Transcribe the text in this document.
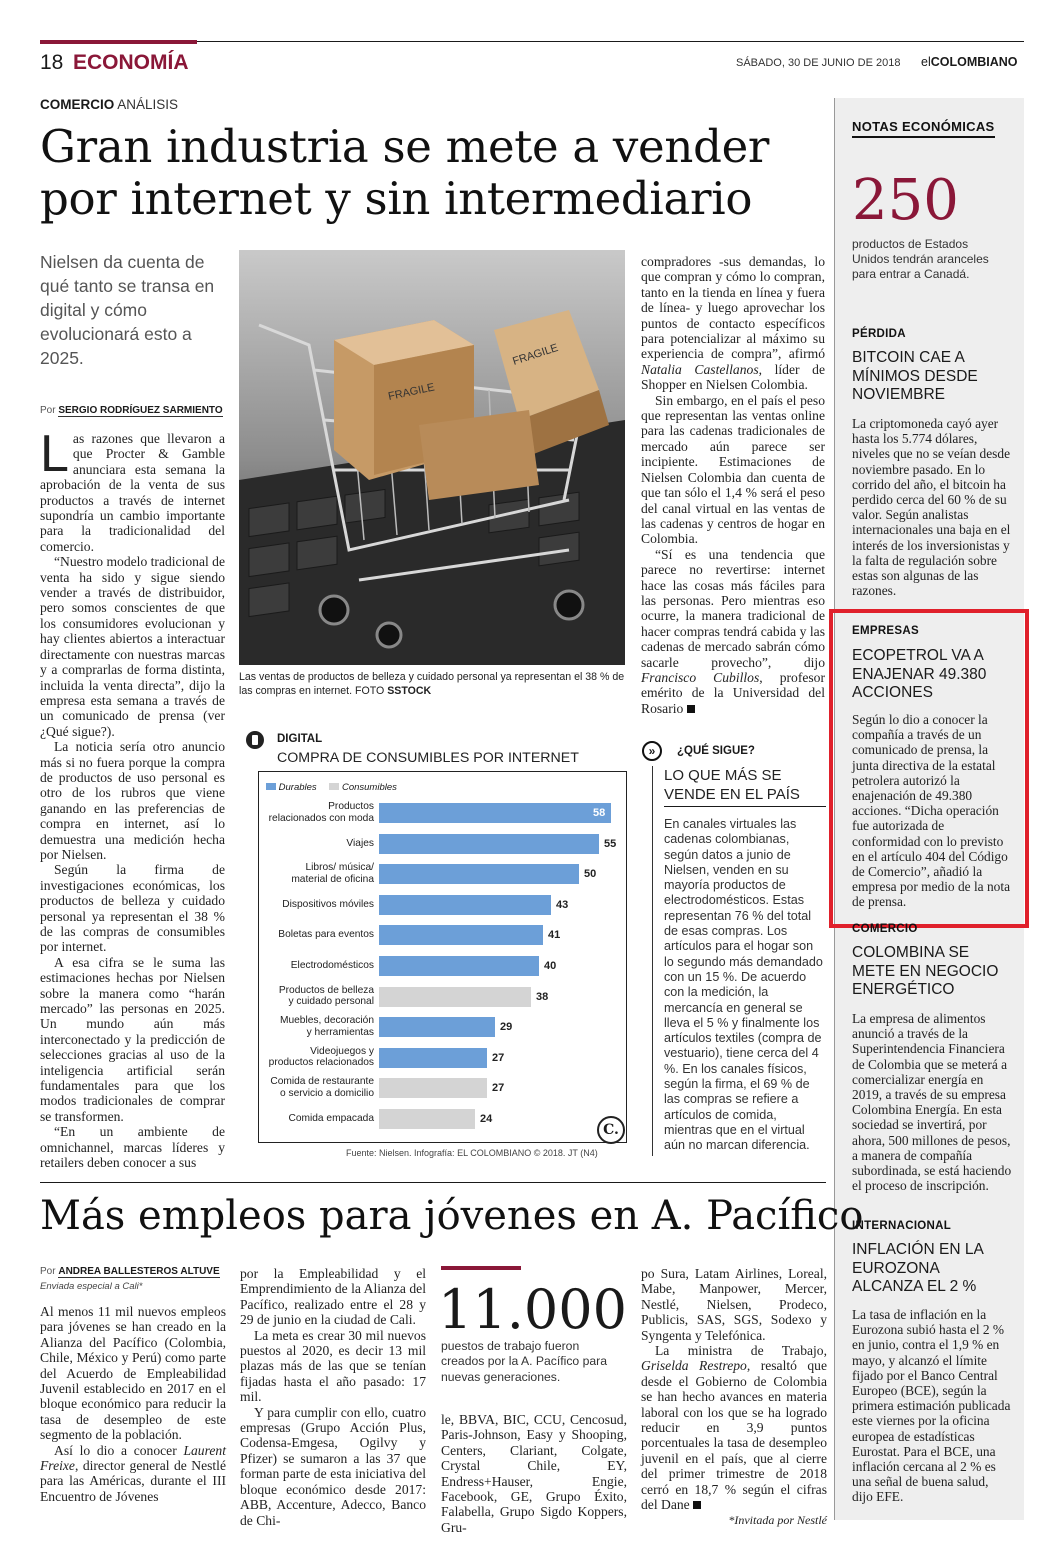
18 ECONOMÍA	SÁBADO, 30 DE JUNIO DE 2018 elCOLOMBIANO
COMERCIO ANÁLISIS
Gran industria se mete a vender
por internet y sin intermediario
Nielsen da cuenta de qué tanto se transa en digital y cómo evolucionará esto a 2025.
Por SERGIO RODRÍGUEZ SARMIENTO

Las razones que llevaron a que Procter & Gamble anunciara esta semana la aprobación de la venta de sus productos a través de internet supondría un cambio importante para la tradicionalidad del comercio.

“Nuestro modelo tradicional de venta ha sido y sigue siendo vender a través de distribuidor, pero somos conscientes de que los consumidores evolucionan y hay clientes abiertos a interactuar directamente con nuestras marcas y a comprarlas de forma distinta, incluida la venta directa”, dijo la empresa esta semana a través de un comunicado de prensa (ver ¿Qué sigue?).

La noticia sería otro anuncio más si no fuera porque la compra de productos de uso personal es otro de los rubros que viene ganando en las preferencias de compra en internet, así lo demuestra una medición hecha por Nielsen.

Según la firma de investigaciones económicas, los productos de belleza y cuidado personal ya representan el 38 % de las compras de consumibles por internet.

A esa cifra se le suma las estimaciones hechas por Nielsen sobre la manera como “harán mercado” las personas en 2025. Un mundo aún más interconectado y la predicción de selecciones gracias al uso de la inteligencia artificial serán fundamentales para que los modos tradicionales de comprar se transformen.

“En un ambiente de omnichannel, marcas líderes y retailers deben conocer a sus

FRAGILE
FRAGILE
Las ventas de productos de belleza y cuidado personal ya representan el 38 % de las compras en internet. FOTO SSTOCK

compradores -sus demandas, lo que compran y cómo lo compran, tanto en la tienda en línea y fuera de línea- y luego aprovechar los puntos de contacto específicos para potencializar al máximo su experiencia de compra”, afirmó Natalia Castellanos, líder de Shopper en Nielsen Colombia.

Sin embargo, en el país el peso que representan las ventas online para las cadenas tradicionales de mercado aún parece ser incipiente. Estimaciones de Nielsen Colombia dan cuenta de que tan sólo el 1,4 % será el peso del canal virtual en las ventas de las cadenas y centros de hogar en Colombia.

“Sí es una tendencia que parece no revertirse: internet hace las cosas más fáciles para las personas. Pero mientras eso ocurre, la manera tradicional de hacer compras tendrá cabida y las cadenas de mercado sabrán cómo sacarle provecho”, dijo Francisco Cubillos, profesor emérito de la Universidad del Rosario

DIGITAL
COMPRA DE CONSUMIBLES POR INTERNET
Durables	Consumibles
Productos
relacionados con moda	58
Viajes	55
Libros/ música/
material de oficina	50
Dispositivos móviles	43
Boletas para eventos	41
Electrodomésticos	40
Productos de belleza
y cuidado personal	38
Muebles, decoración
y herramientas	29
Videojuegos y
productos relacionados	27
Comida de restaurante
o servicio a domicilio	27
Comida empacada	24
C.
Fuente: Nielsen. Infografía: EL COLOMBIANO © 2018. JT (N4)
»	¿QUÉ SIGUE?
LO QUE MÁS SE VENDE EN EL PAÍS
En canales virtuales las cadenas colombianas, según datos a junio de Nielsen, venden en su mayoría productos de electrodomésticos. Estas representan 76 % del total de esas compras. Los artículos para el hogar son lo segundo más demandado con un 15 %. De acuerdo con la medición, la mercancía en general se lleva el 5 % y finalmente los artículos textiles (compra de vestuario), tiene cerca del 4 %. En los canales físicos, según la firma, el 69 % de las compras se refiere a artículos de comida, mientras que en el virtual aún no marcan diferencia.
NOTAS ECONÓMICAS
250
productos de Estados Unidos tendrán aranceles para entrar a Canadá.
PÉRDIDA
BITCOIN CAE A MÍNIMOS DESDE NOVIEMBRE
La criptomoneda cayó ayer hasta los 5.774 dólares, niveles que no se veían desde noviembre pasado. En lo corrido del año, el bitcoin ha perdido cerca del 60 % de su valor. Según analistas internacionales una baja en el interés de los inversionistas y la falta de regulación sobre estas son algunas de las razones.
EMPRESAS
ECOPETROL VA A ENAJENAR 49.380 ACCIONES
Según lo dio a conocer la compañía a través de un comunicado de prensa, la junta directiva de la estatal petrolera autorizó la enajenación de 49.380 acciones. “Dicha operación fue autorizada de conformidad con lo previsto en el artículo 404 del Código de Comercio”, añadió la empresa por medio de la nota de prensa.
COMERCIO
COLOMBINA SE METE EN NEGOCIO ENERGÉTICO
La empresa de alimentos anunció a través de la Superintendencia Financiera de Colombia que se meterá a comercializar energía en 2019, a través de su empresa Colombina Energía. En esta sociedad se invertirá, por ahora, 500 millones de pesos, a manera de compañía subordinada, se está haciendo el proceso de inscripción.
INTERNACIONAL
INFLACIÓN EN LA EUROZONA ALCANZA EL 2 %
La tasa de inflación en la Eurozona subió hasta el 2 % en junio, contra el 1,9 % en mayo, y alcanzó el límite fijado por el Banco Central Europeo (BCE), según la primera estimación publicada este viernes por la oficina europea de estadísticas Eurostat. Para el BCE, una inflación cercana al 2 % es una señal de buena salud, dijo EFE.
Más empleos para jóvenes en A. Pacífico
Por ANDREA BALLESTEROS ALTUVE
Enviada especial a Cali*

Al menos 11 mil nuevos empleos para jóvenes se han creado en la Alianza del Pacífico (Colombia, Chile, México y Perú) como parte del Acuerdo de Empleabilidad Juvenil establecido en 2017 en el bloque económico para reducir la tasa de desempleo de este segmento de la población.

Así lo dio a conocer Laurent Freixe, director general de Nestlé para las Américas, durante el III Encuentro de Jóvenes

por la Empleabilidad y el Emprendimiento de la Alianza del Pacífico, realizado entre el 28 y 29 de junio en la ciudad de Cali.

La meta es crear 30 mil nuevos puestos al 2020, es decir 13 mil plazas más de las que se tenían fijadas hasta el año pasado: 17 mil.

Y para cumplir con ello, cuatro empresas (Grupo Acción Plus, Codensa-Emgesa, Ogilvy y Pfizer) se sumaron a las 37 que forman parte de esta iniciativa del bloque económico desde 2017: ABB, Accenture, Adecco, Banco de Chi-

11.000
puestos de trabajo fueron creados por la A. Pacífico para nuevas generaciones.

le, BBVA, BIC, CCU, Cencosud, Paris-Johnson, Easy y Shooping, Centers, Clariant, Colgate, Crystal Chile, EY, Endress+Hauser, Engie, Facebook, GE, Grupo Éxito, Falabella, Grupo Sigdo Koppers, Gru-

po Sura, Latam Airlines, Loreal, Mabe, Manpower, Mercer, Nestlé, Nielsen, Prodeco, Publicis, SAS, SGS, Sodexo y Syngenta y Telefónica.

La ministra de Trabajo, Griselda Restrepo, resaltó que desde el Gobierno de Colombia se han hecho avances en materia laboral con los que se ha logrado reducir en 3,9 puntos porcentuales la tasa de desempleo juvenil en el país, que al cierre del primer trimestre de 2018 cerró en 18,7 % según el cifras del Dane

*Invitada por Nestlé
